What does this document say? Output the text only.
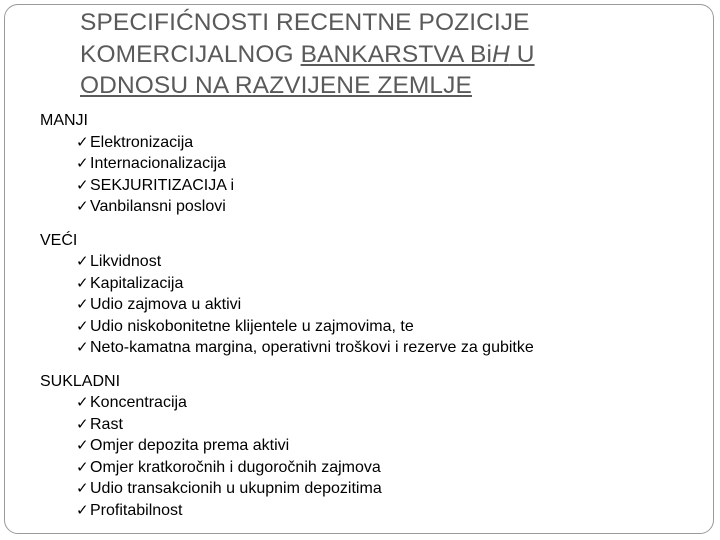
SPECIFIĆNOSTI RECENTNE POZICIJE
KOMERCIJALNOG BANKARSTVA BiH U
ODNOSU NA RAZVIJENE ZEMLJE
MANJI
✓Elektronizacija
✓Internacionalizacija
✓SEKJURITIZACIJA i
✓Vanbilansni poslovi
VEĆI
✓Likvidnost
✓Kapitalizacija
✓Udio zajmova u aktivi
✓Udio niskobonitetne klijentele u zajmovima, te
✓Neto-kamatna margina, operativni troškovi i rezerve za gubitke
SUKLADNI
✓Koncentracija
✓Rast
✓Omjer depozita prema aktivi
✓Omjer kratkoročnih i dugoročnih zajmova
✓Udio transakcionih u ukupnim depozitima
✓Profitabilnost
